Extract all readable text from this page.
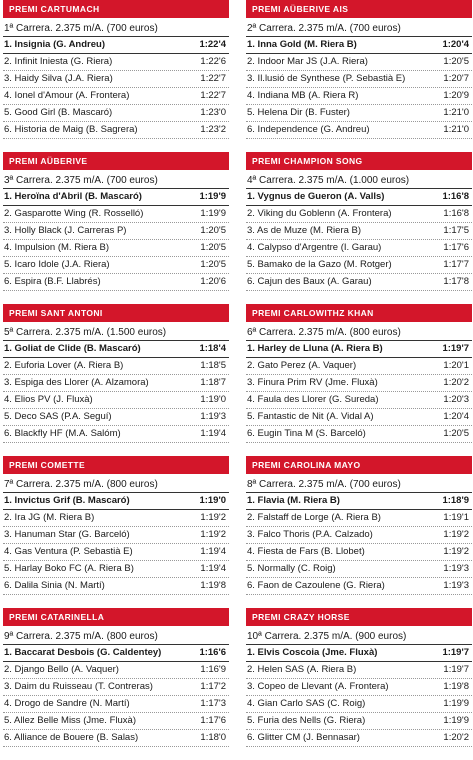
PREMI CARTUMACH
1ª Carrera. 2.375 m/A. (700 euros)
1. Insignia (G. Andreu)	1:22'4
2. Infinit Iniesta (G. Riera)	1:22'6
3. Haidy Silva (J.A. Riera)	1:22'7
4. Ionel d'Amour (A. Frontera)	1:22'7
5. Good Girl (B. Mascaró)	1:23'0
6. Historia de Maig (B. Sagrera)	1:23'2
PREMI AÜBERIVE
3ª Carrera. 2.375 m/A. (700 euros)
1. Heroïna d'Abril (B. Mascaró)	1:19'9
2. Gasparotte Wing (R. Rosselló)	1:19'9
3. Holly Black (J. Carreras P)	1:20'5
4. Impulsion (M. Riera B)	1:20'5
5. Icaro Idole (J.A. Riera)	1:20'5
6. Espira (B.F. Llabrés)	1:20'6
PREMI SANT ANTONI
5ª Carrera. 2.375 m/A. (1.500 euros)
1. Goliat de Clide (B. Mascaró)	1:18'4
2. Euforia Lover (A. Riera B)	1:18'5
3. Espiga des Llorer (A. Alzamora)	1:18'7
4. Elios PV (J. Fluxà)	1:19'0
5. Deco SAS (P.A. Seguí)	1:19'3
6. Blackfly HF (M.A. Salóm)	1:19'4
PREMI COMETTE
7ª Carrera. 2.375 m/A. (800 euros)
1. Invictus Grif (B. Mascaró)	1:19'0
2. Ira JG (M. Riera B)	1:19'2
3. Hanuman Star (G. Barceló)	1:19'2
4. Gas Ventura (P. Sebastià E)	1:19'4
5. Harlay Boko FC (A. Riera B)	1:19'4
6. Dalila Sinia (N. Martí)	1:19'8
PREMI CATARINELLA
9ª Carrera. 2.375 m/A. (800 euros)
1. Baccarat Desbois (G. Caldentey)	1:16'6
2. Django Bello (A. Vaquer)	1:16'9
3. Daim du Ruisseau (T. Contreras)	1:17'2
4. Drogo de Sandre (N. Martí)	1:17'3
5. Allez Belle Miss (Jme. Fluxà)	1:17'6
6. Alliance de Bouere (B. Salas)	1:18'0
PREMI AÜBERIVE AIS
2ª Carrera. 2.375 m/A. (700 euros)
1. Inna Gold (M. Riera B)	1:20'4
2. Indoor Mar JS (J.A. Riera)	1:20'5
3. Il.lusió de Synthese (P. Sebastià E)	1:20'7
4. Indiana MB (A. Riera R)	1:20'9
5. Helena Dir (B. Fuster)	1:21'0
6. Independence (G. Andreu)	1:21'0
PREMI CHAMPION SONG
4ª Carrera. 2.375 m/A. (1.000 euros)
1. Vygnus de Gueron (A. Valls)	1:16'8
2. Viking du Goblenn (A. Frontera)	1:16'8
3. As de Muze (M. Riera B)	1:17'5
4. Calypso d'Argentre (I. Garau)	1:17'6
5. Bamako de la Gazo (M. Rotger)	1:17'7
6. Cajun des Baux (A. Garau)	1:17'8
PREMI CARLOWITHZ KHAN
6ª Carrera. 2.375 m/A. (800 euros)
1. Harley de Lluna (A. Riera B)	1:19'7
2. Gato Perez (A. Vaquer)	1:20'1
3. Finura Prim RV (Jme. Fluxà)	1:20'2
4. Faula des Llorer (G. Sureda)	1:20'3
5. Fantastic de Nit (A. Vidal A)	1:20'4
6. Eugin Tina M (S. Barceló)	1:20'5
PREMI CAROLINA MAYO
8ª Carrera. 2.375 m/A. (700 euros)
1. Flavia (M. Riera B)	1:18'9
2. Falstaff de Lorge (A. Riera B)	1:19'1
3. Falco Thoris (P.A. Calzado)	1:19'2
4. Fiesta de Fars (B. Llobet)	1:19'2
5. Normally (C. Roig)	1:19'3
6. Faon de Cazoulene (G. Riera)	1:19'3
PREMI CRAZY HORSE
10ª Carrera. 2.375 m/A. (900 euros)
1. Elvis Coscoia (Jme. Fluxà)	1:19'7
2. Helen SAS (A. Riera B)	1:19'7
3. Copeo de Llevant (A. Frontera)	1:19'8
4. Gian Carlo SAS (C. Roig)	1:19'9
5. Furia des Nells (G. Riera)	1:19'9
6. Glitter CM (J. Bennasar)	1:20'2
